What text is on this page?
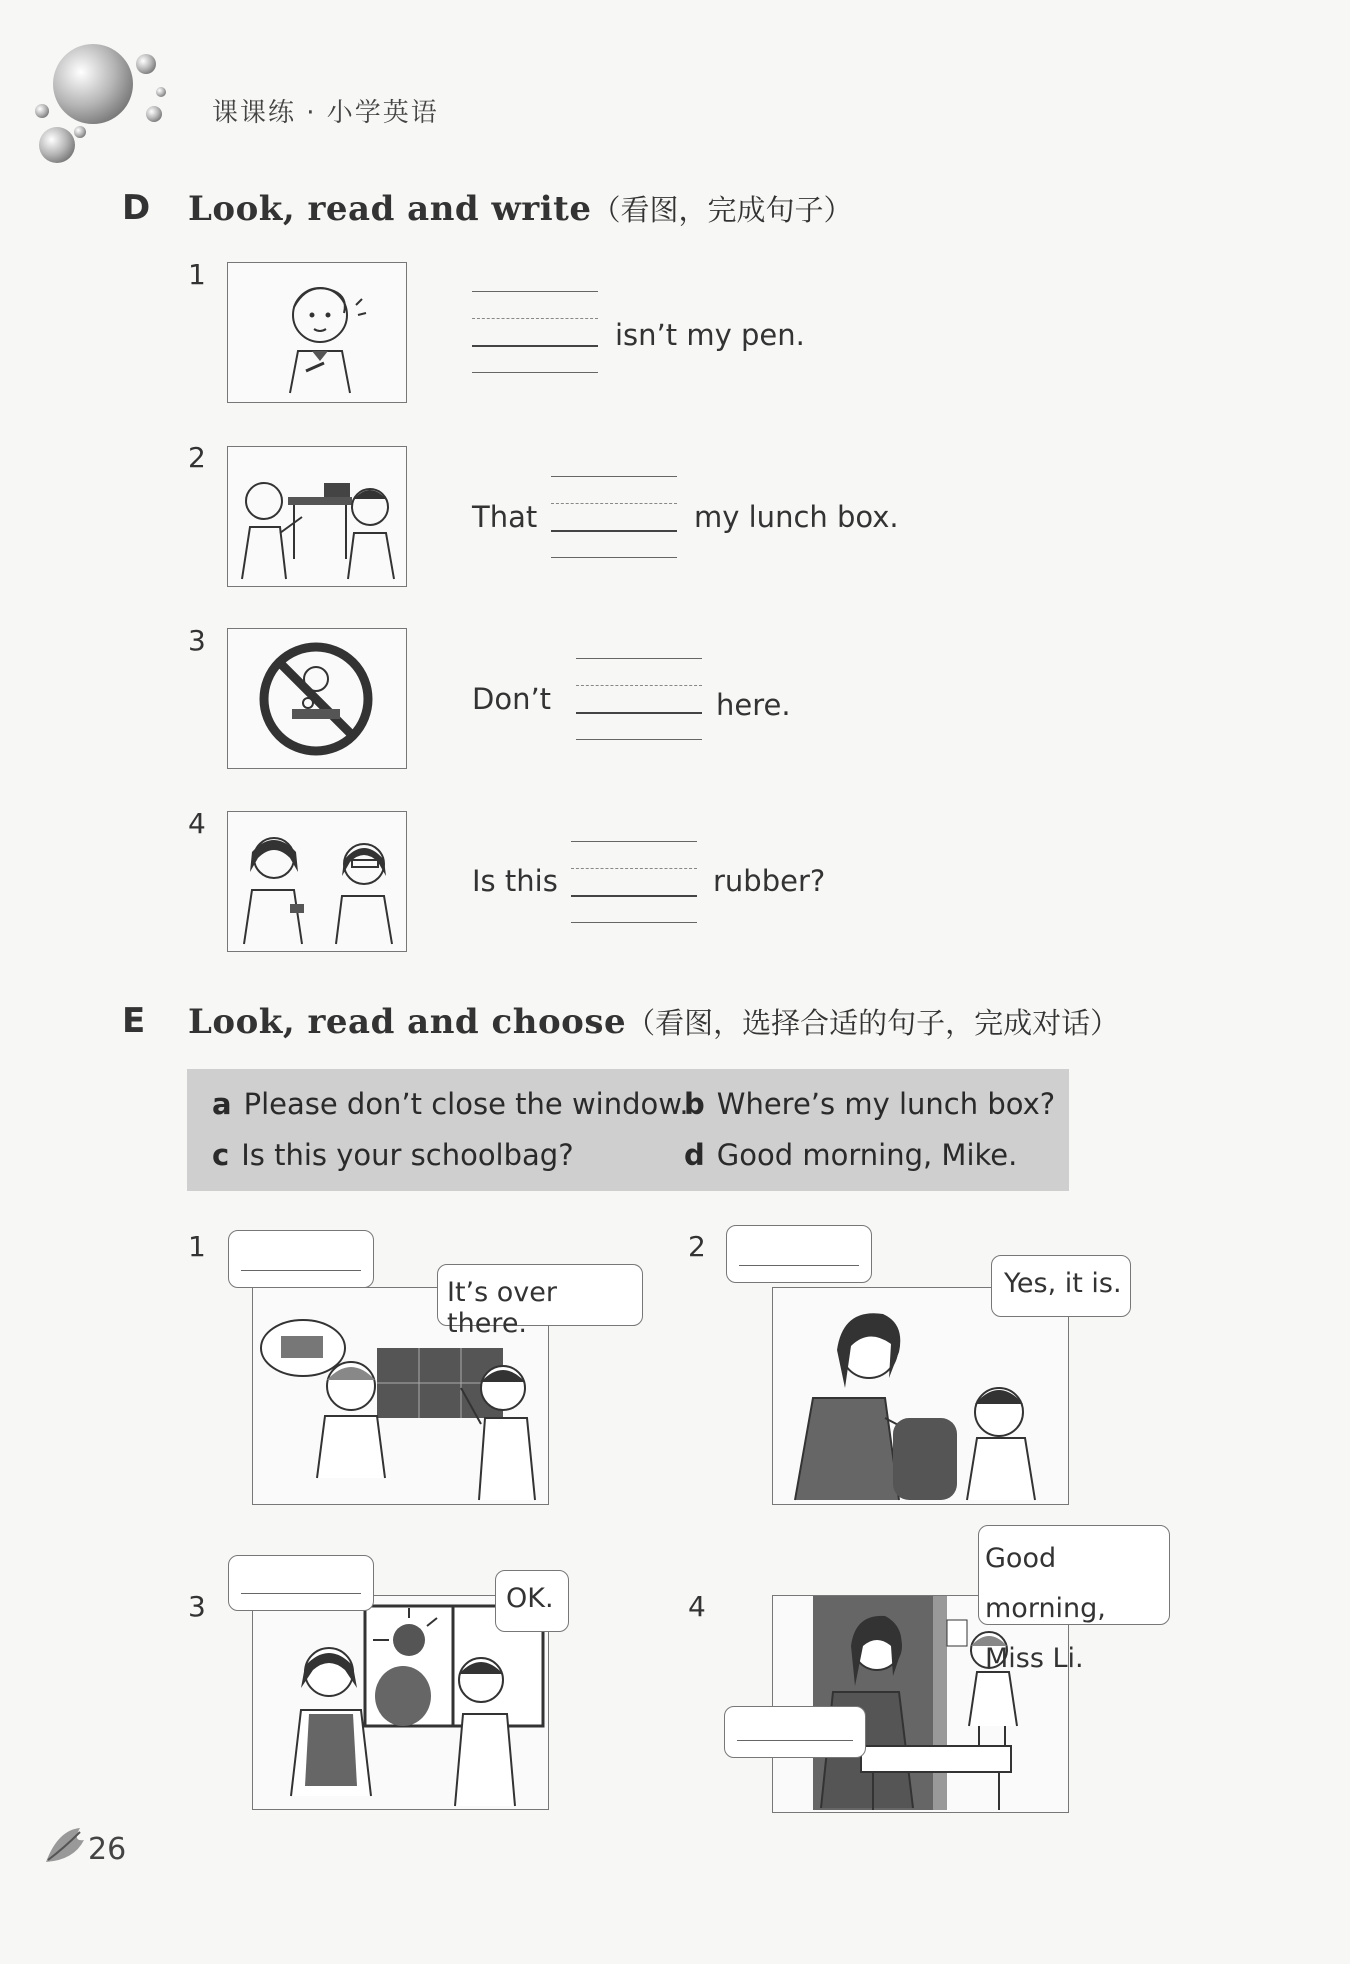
课课练 · 小学英语
D Look, read and write（看图，完成句子）
1
isn’t my pen.
2
That	my lunch box.
3
Don’t	here.
4
Is this	rubber?
E Look, read and choose（看图，选择合适的句子，完成对话）
a Please don’t close the window.
b Where’s my lunch box?
c Is this your schoolbag?	d Good morning, Mike.
1
It’s over there.
2
Yes, it is.
3	OK.	4
Good morning,
Miss Li.
26
